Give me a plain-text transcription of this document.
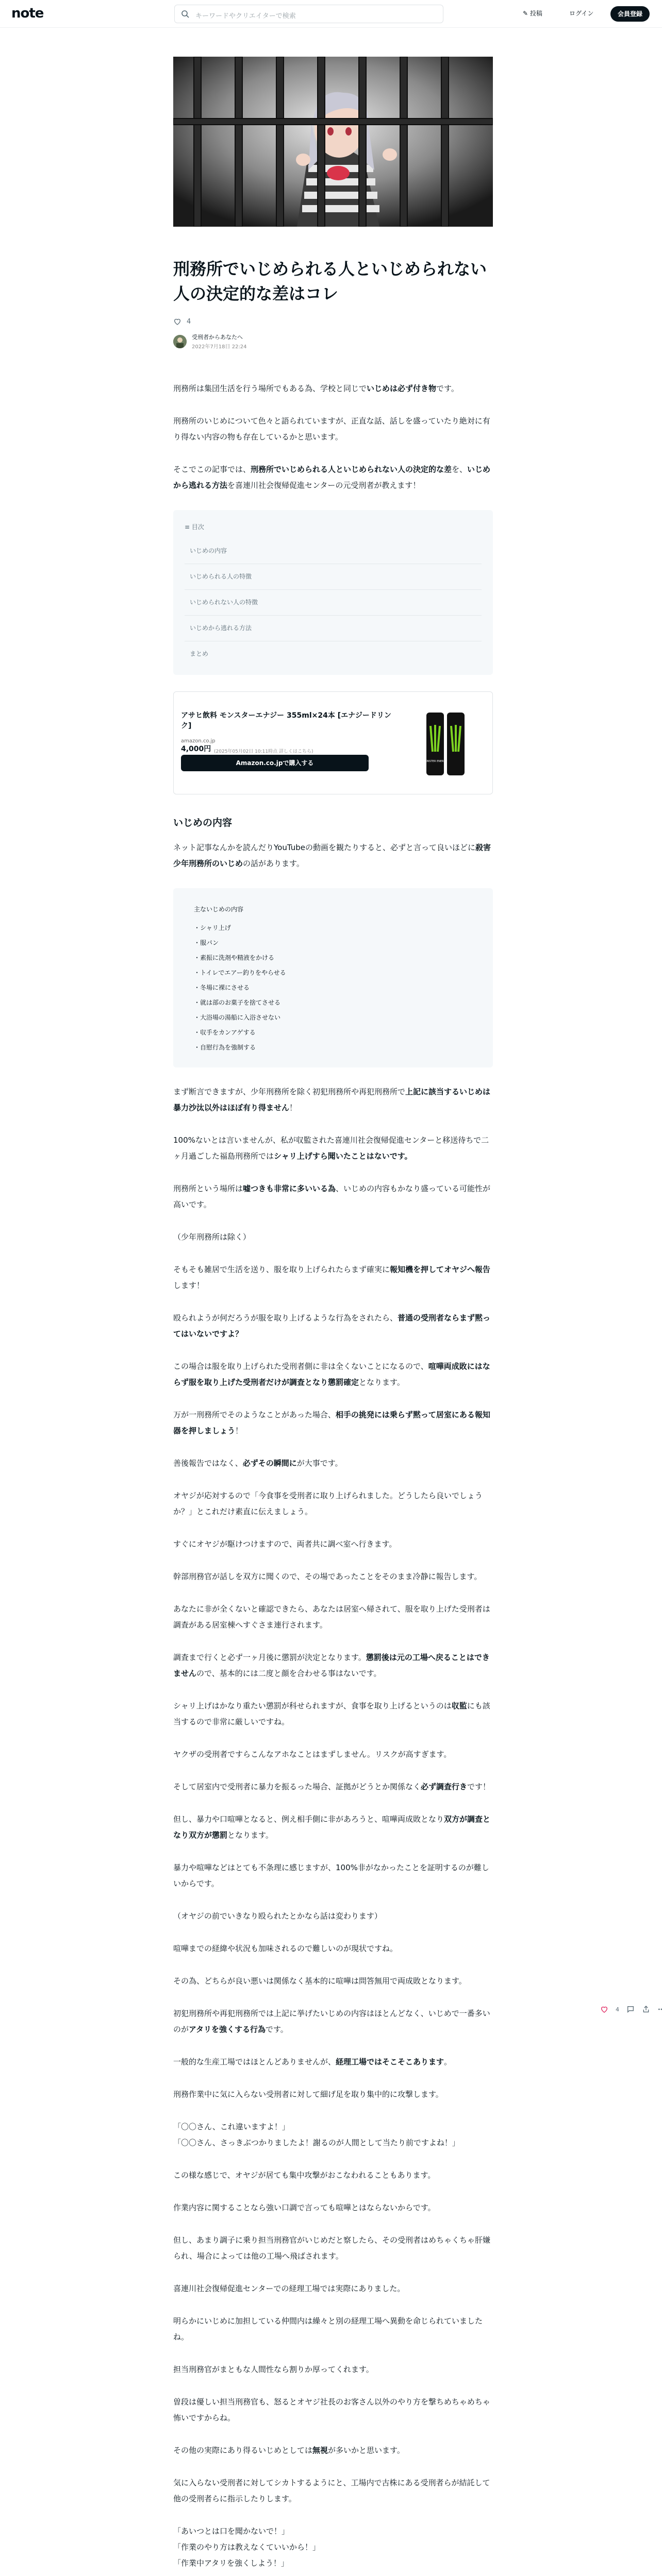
note	キーワードやクリエイターで検索	✎ 投稿	ログイン	会員登録
刑務所でいじめられる人といじめられない人の決定的な差はコレ
4
受刑者からあなたへ
2022年7月18日 22:24

刑務所は集団生活を行う場所でもある為、学校と同じでいじめは必ず付き物です。

刑務所のいじめについて色々と語られていますが、正直な話、話しを盛っていたり絶対に有り得ない内容の物も存在しているかと思います。

そこでこの記事では、刑務所でいじめられる人といじめられない人の決定的な差を、いじめから逃れる方法を喜連川社会復帰促進センターの元受刑者が教えます！

≡ 目次
いじめの内容
いじめられる人の特徴
いじめられない人の特徴
いじめから逃れる方法
まとめ
アサヒ飲料 モンスターエナジー 355ml×24本 [エナジードリンク]
amazon.co.jp
4,000円 (2025年05月02日 10:11時点 詳しくはこちら)
Amazon.co.jpで購入する	MONSTER ENERGY
いじめの内容

ネット記事なんかを読んだりYouTubeの動画を観たりすると、必ずと言って良いほどに殺害少年刑務所のいじめの話があります。

主ないじめの内容
・シャリ上げ
・服パン
・素振に洗剤や精液をかける
・トイレでエアー釣りをやらせる
・冬場に裸にさせる
・就は部のお菓子を捨てさせる
・大浴場の湯船に入浴させない
・収手をカンアゲする
・自慰行為を強制する

まず断言できますが、少年刑務所を除く初犯刑務所や再犯刑務所で上記に該当するいじめは暴力沙汰以外はほぼ有り得ません！

100%ないとは言いませんが、私が収監された喜連川社会復帰促進センターと移送待ちで二ヶ月過ごした福島刑務所ではシャリ上げすら聞いたことはないです。

刑務所という場所は嘘つきも非常に多いいる為、いじめの内容もかなり盛っている可能性が高いです。

（少年刑務所は除く）

そもそも雑居で生活を送り、服を取り上げられたらまず確実に報知機を押してオヤジへ報告します！

殴られようが何だろうが服を取り上げるような行為をされたら、普通の受刑者ならまず黙ってはいないですよ？

この場合は服を取り上げられた受刑者側に非は全くないことになるので、喧嘩両成敗にはならず服を取り上げた受刑者だけが調査となり懲罰確定となります。

万が一刑務所でそのようなことがあった場合、相手の挑発には乗らず黙って居室にある報知器を押しましょう！

善後報告ではなく、必ずその瞬間にが大事です。

オヤジが応対するので「今食事を受刑者に取り上げられました。どうしたら良いでしょうか？」とこれだけ素直に伝えましょう。

すぐにオヤジが駆けつけますので、両者共に調べ室へ行きます。

幹部刑務官が話しを双方に聞くので、その場であったことをそのまま冷静に報告します。

あなたに非が全くないと確認できたら、あなたは居室へ帰されて、服を取り上げた受刑者は調査がある居室棟へすぐさま連行されます。

調査まで行くと必ず一ヶ月後に懲罰が決定となります。懲罰後は元の工場へ戻ることはできませんので、基本的には二度と顔を合わせる事はないです。

シャリ上げはかなり重たい懲罰が科せられますが、食事を取り上げるというのは収監にも該当するので非常に厳しいですね。

ヤクザの受刑者ですらこんなアホなことはまずしません。リスクが高すぎます。

そして居室内で受刑者に暴力を振るった場合、証拠がどうとか関係なく必ず調査行きです！

但し、暴力や口喧嘩となると、例え相手側に非があろうと、喧嘩両成敗となり双方が調査となり双方が懲罰となります。

暴力や喧嘩などはとても不条理に感じますが、100%非がなかったことを証明するのが難しいからです。

（オヤジの前でいきなり殴られたとかなら話は変わります）

喧嘩までの経緯や状況も加味されるので難しいのが現状ですね。

その為、どちらが良い悪いは関係なく基本的に喧嘩は問答無用で両成敗となります。

初犯刑務所や再犯刑務所では上記に挙げたいじめの内容はほとんどなく、いじめで一番多いのがアタリを強くする行為です。

一般的な生産工場ではほとんどありませんが、経理工場ではそこそこあります。

刑務作業中に気に入らない受刑者に対して細げ足を取り集中的に攻撃します。

「〇〇さん、これ違いますよ！」
「〇〇さん、さっきぶつかりましたよ！謝るのが人間として当たり前ですよね！」

この様な感じで、オヤジが居ても集中攻撃がおこなわれることもあります。

作業内容に関することなら強い口調で言っても喧嘩とはならないからです。

但し、あまり調子に乗り担当刑務官がいじめだと察したら、その受刑者はめちゃくちゃ肝嫌られ、場合によっては他の工場へ飛ばされます。

喜連川社会復帰促進センターでの経理工場では実際にありました。

明らかにいじめに加担している仲間内は繰々と別の経理工場へ異動を命じられていましたね。

担当刑務官がまともな人間性なら割りか厚ってくれます。

曽段は優しい担当刑務官も、怒るとオヤジ社長のお客さん以外のやり方を撃ちめちゃめちゃ怖いですからね。

その他の実際にあり得るいじめとしては無視が多いかと思います。

気に入らない受刑者に対してシカトするようにと、工場内で古株にある受刑者らが結託して他の受刑者らに指示したりします。

「あいつとは口を聞かないで！」
「作業のやり方は教えなくていいから！」
「作業中アタリを強くしよう！」

4
